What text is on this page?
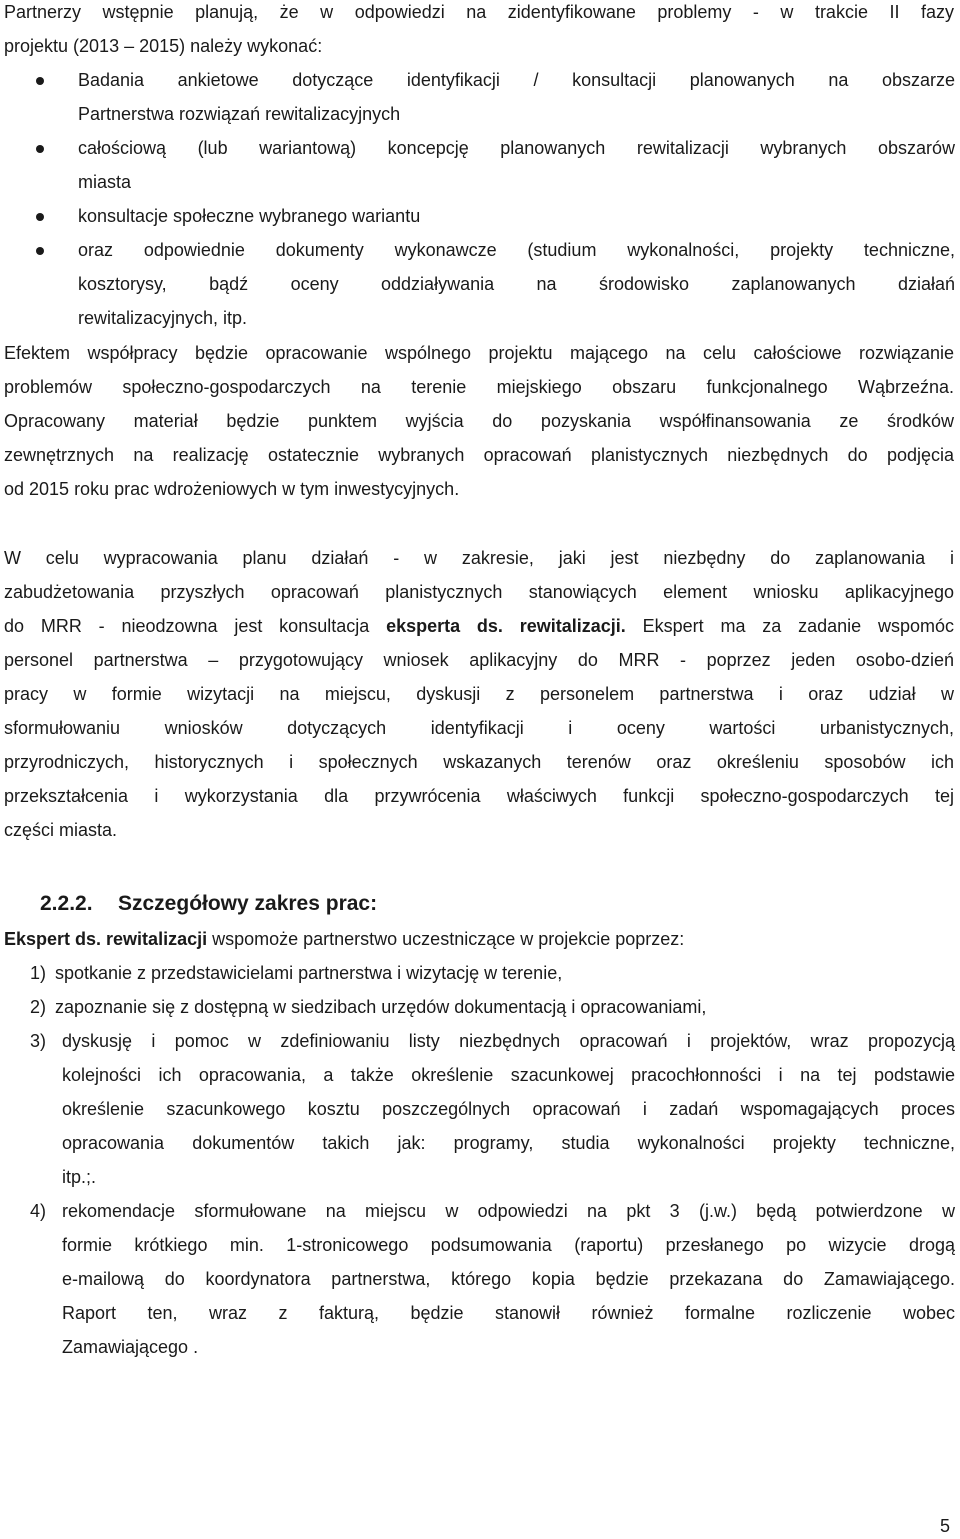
Partnerzy wstępnie planują, że w odpowiedzi na zidentyfikowane problemy - w trakcie II fazy
projektu (2013 – 2015) należy wykonać:
Badania ankietowe dotyczące identyfikacji / konsultacji planowanych na obszarze
Partnerstwa rozwiązań rewitalizacyjnych
całościową (lub wariantową) koncepcję planowanych rewitalizacji wybranych obszarów
miasta
konsultacje społeczne wybranego wariantu
oraz odpowiednie dokumenty wykonawcze (studium wykonalności, projekty techniczne,
kosztorysy, bądź oceny oddziaływania na środowisko zaplanowanych działań
rewitalizacyjnych, itp.
Efektem współpracy będzie opracowanie wspólnego projektu mającego na celu całościowe rozwiązanie
problemów społeczno-gospodarczych na terenie miejskiego obszaru funkcjonalnego Wąbrzeźna.
Opracowany materiał będzie punktem wyjścia do pozyskania współfinansowania ze środków
zewnętrznych na realizację ostatecznie wybranych opracowań planistycznych niezbędnych do podjęcia
od 2015 roku prac wdrożeniowych w tym inwestycyjnych.
W celu wypracowania planu działań - w zakresie, jaki jest niezbędny do zaplanowania i
zabudżetowania przyszłych opracowań planistycznych stanowiących element wniosku aplikacyjnego
do MRR - nieodzowna jest konsultacja eksperta ds. rewitalizacji. Ekspert ma za zadanie wspomóc
personel partnerstwa – przygotowujący wniosek aplikacyjny do MRR - poprzez jeden osobo-dzień
pracy w formie wizytacji na miejscu, dyskusji z personelem partnerstwa i oraz udział w
sformułowaniu wniosków dotyczących identyfikacji i oceny wartości urbanistycznych,
przyrodniczych, historycznych i społecznych wskazanych terenów oraz określeniu sposobów ich
przekształcenia i wykorzystania dla przywrócenia właściwych funkcji społeczno-gospodarczych tej
części miasta.
2.2.2. Szczegółowy zakres prac:
Ekspert ds. rewitalizacji wspomoże partnerstwo uczestniczące w projekcie poprzez:
1) spotkanie z przedstawicielami partnerstwa i wizytację w terenie,
2) zapoznanie się z dostępną w siedzibach urzędów dokumentacją i opracowaniami,
3) dyskusję i pomoc w zdefiniowaniu listy niezbędnych opracowań i projektów, wraz propozycją
kolejności ich opracowania, a także określenie szacunkowej pracochłonności i na tej podstawie
określenie szacunkowego kosztu poszczególnych opracowań i zadań wspomagających proces
opracowania dokumentów takich jak: programy, studia wykonalności projekty techniczne,
itp.;.
4) rekomendacje sformułowane na miejscu w odpowiedzi na pkt 3 (j.w.) będą potwierdzone w
formie krótkiego min. 1-stronicowego podsumowania (raportu) przesłanego po wizycie drogą
e-mailową do koordynatora partnerstwa, którego kopia będzie przekazana do Zamawiającego.
Raport ten, wraz z fakturą, będzie stanowił również formalne rozliczenie wobec
Zamawiającego .
5
